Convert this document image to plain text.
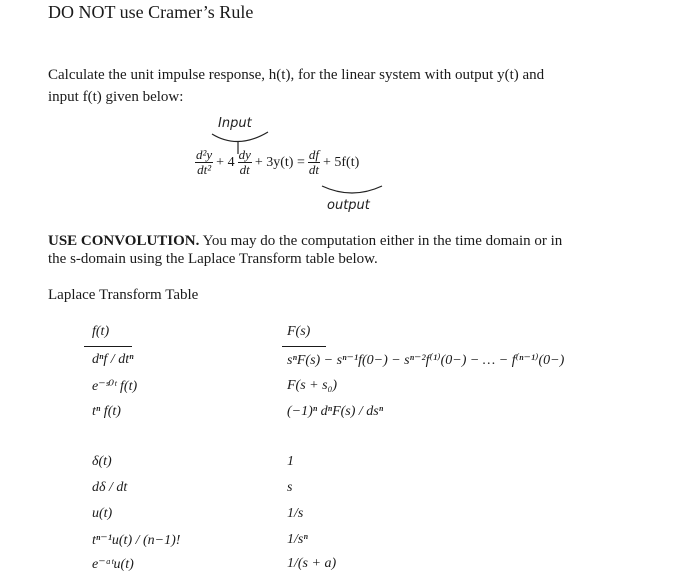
DO NOT use Cramer’s Rule
Calculate the unit impulse response, h(t), for the linear system with output y(t) and
input f(t) given below:
Input
$\frac{\text{d²y}}{\text{dt²}} + 4 \frac{dy}{dt} + 3y(t) = \frac{df}{dt} + 5f(t)$
output
USE CONVOLUTION. You may do the computation either in the time domain or in
the s-domain using the Laplace Transform table below.
Laplace Transform Table
f(t)	F(s)
dⁿf / dtⁿ	sⁿF(s) − sⁿ⁻¹f(0−) − sⁿ⁻²f⁽¹⁾(0−) − … − f⁽ⁿ⁻¹⁾(0−)
e⁻ˢ⁰ᵗ f(t)	F(s + s₀)
tⁿ f(t)	(−1)ⁿ dⁿF(s) / dsⁿ
δ(t)	1
dδ / dt	s
u(t)	1/s
tⁿ⁻¹u(t) / (n−1)!	1/sⁿ
e⁻ᵃᵗu(t)	1/(s + a)
